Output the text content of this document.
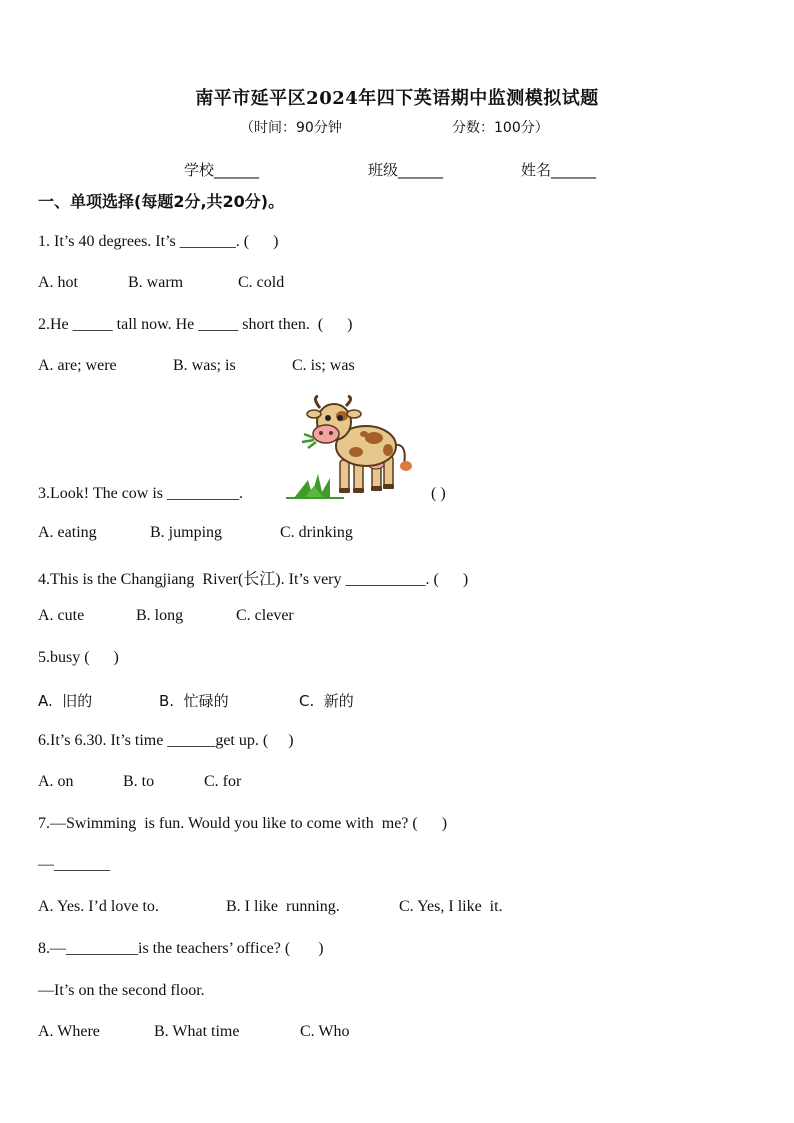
南平市延平区2024年四下英语期中监测模拟试题
（时间：90分钟	分数：100分）
学校______	班级______	姓名______
一、单项选择(每题2分,共20分)。
1. It’s 40 degrees. It’s _______. (      )
A. hot	B. warm	C. cold
2.He _____ tall now. He _____ short then.  (      )
A. are; were	B. was; is	C. is; was
3.Look! The cow is _________.	( )
A. eating	B. jumping	C. drinking
4.This is the Changjiang  River(长江). It’s very __________. (      )
A. cute	B. long	C. clever
5.busy (      )
A.  旧的	B.  忙碌的	C.  新的
6.It’s 6.30. It’s time ______get up. (     )
A. on	B. to	C. for
7.—Swimming  is fun. Would you like to come with  me? (      )
—_______
A. Yes. I’d love to.	B. I like  running.	C. Yes, I like  it.
8.—_________is the teachers’ office? (       )
—It’s on the second floor.
A. Where	B. What time	C. Who
